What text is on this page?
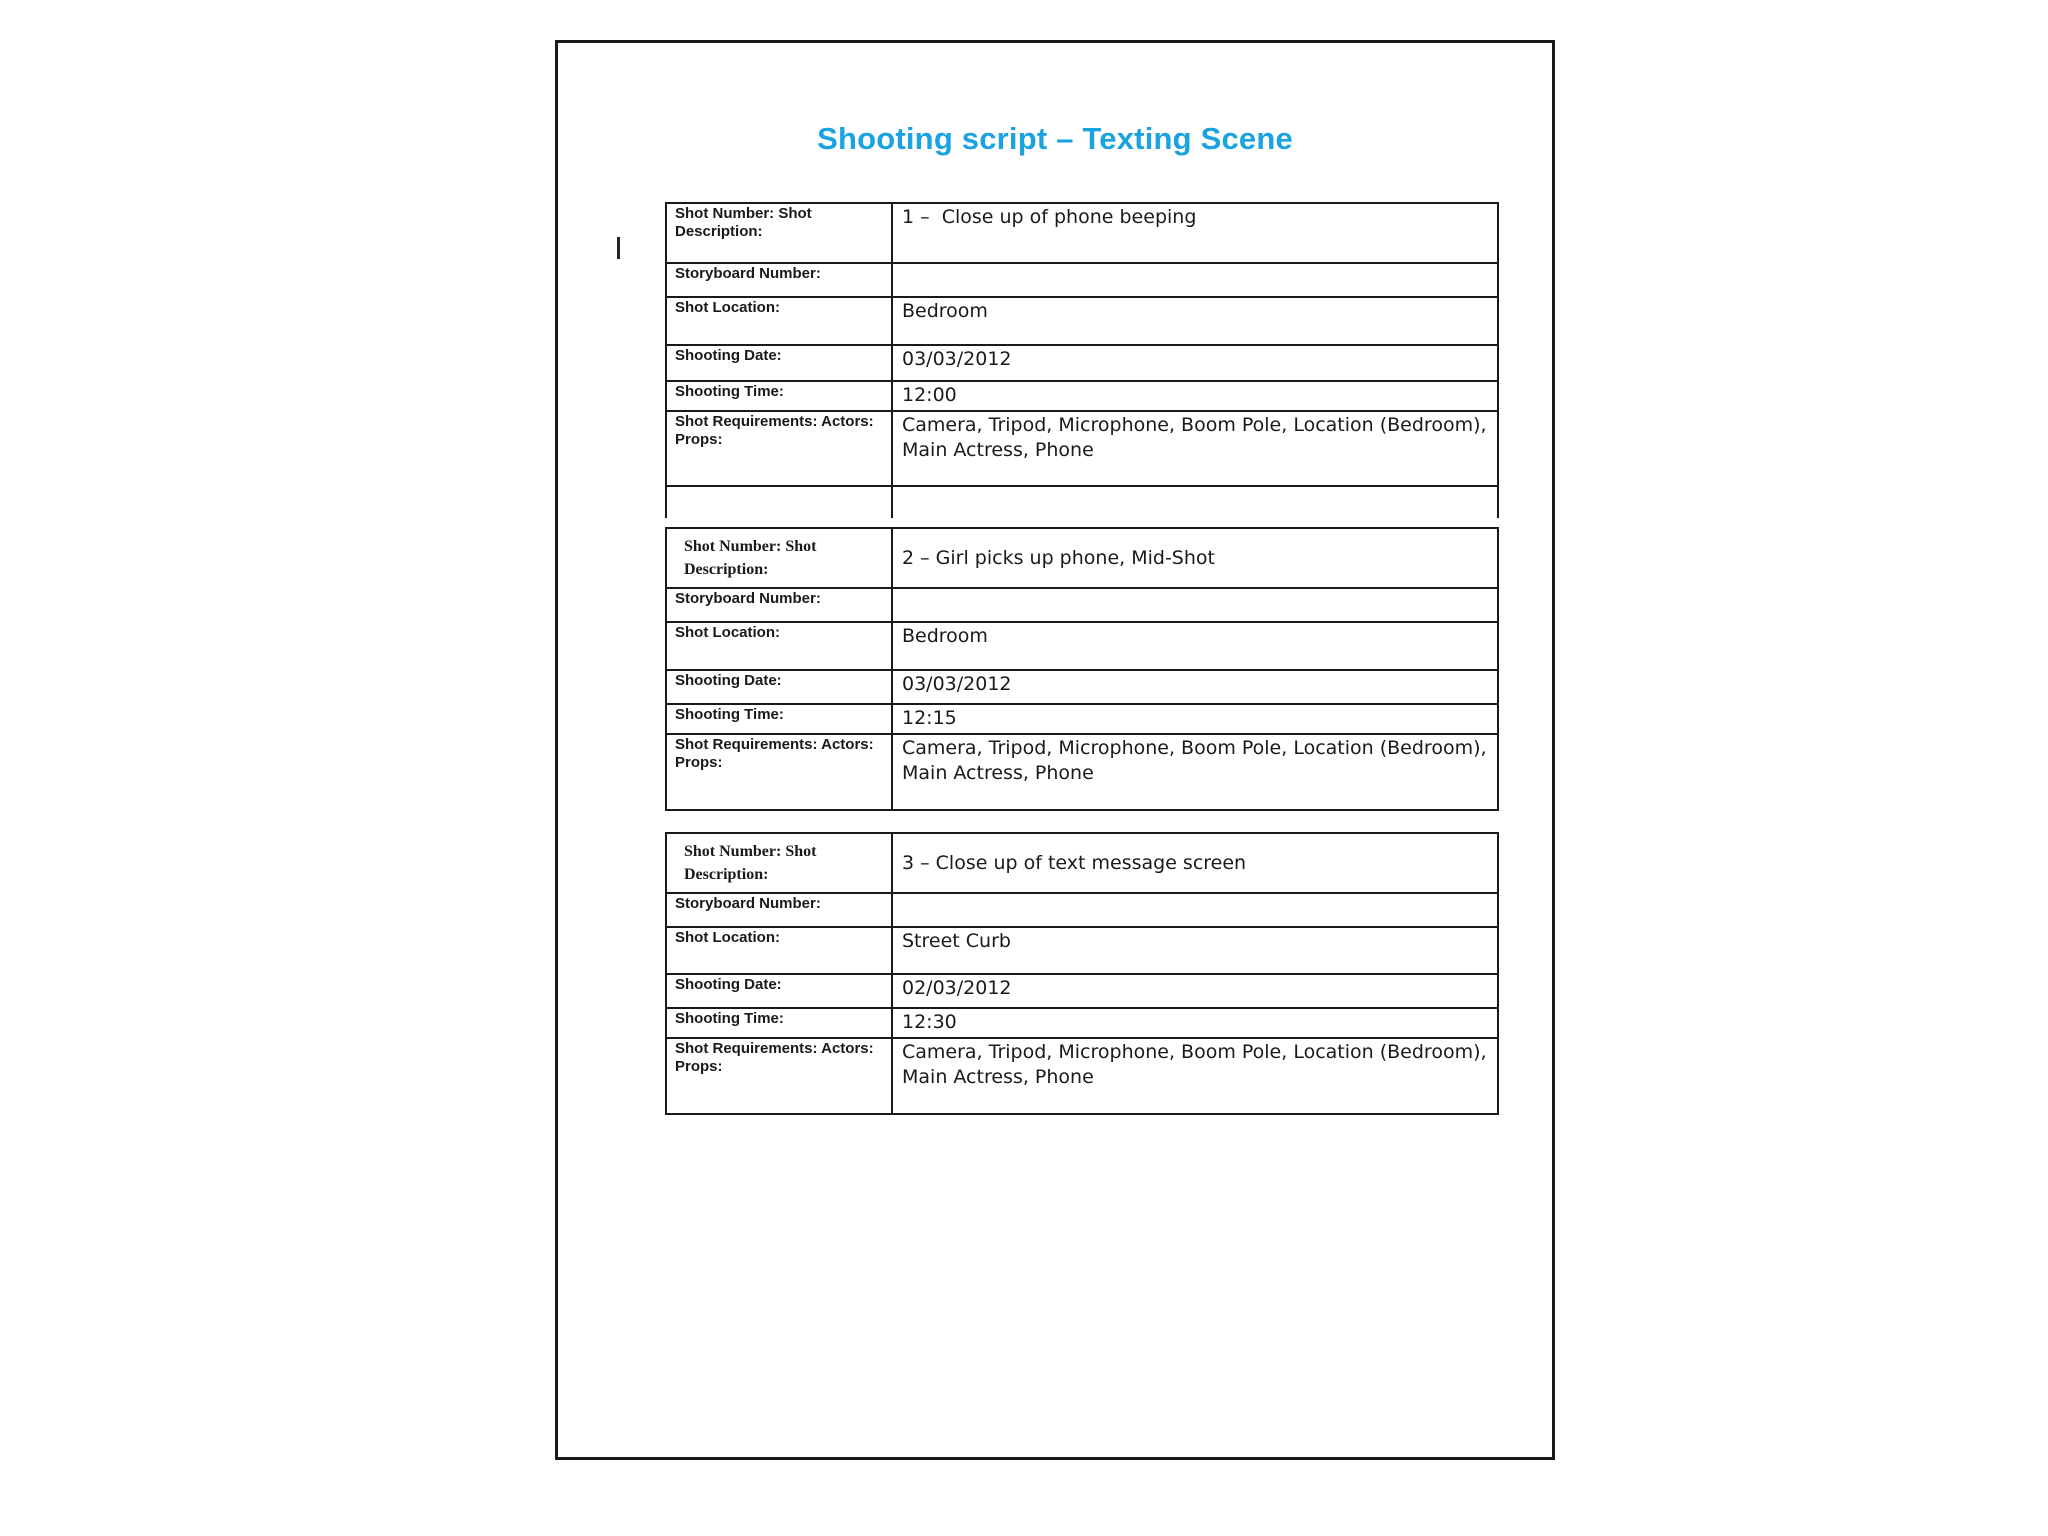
Shooting script – Texting Scene
Shot Number: Shot Description:	1 –  Close up of phone beeping

Storyboard Number:	
Shot Location:	Bedroom
Shooting Date:	03/03/2012
Shooting Time:	12:00
Shot Requirements: Actors: Props:	Camera, Tripod, Microphone, Boom Pole, Location (Bedroom), Main Actress, Phone

Shot Number: Shot Description:	2 – Girl picks up phone, Mid-Shot

Storyboard Number:	
Shot Location:	Bedroom
Shooting Date:	03/03/2012
Shooting Time:	12:15
Shot Requirements: Actors: Props:	Camera, Tripod, Microphone, Boom Pole, Location (Bedroom), Main Actress, Phone
Shot Number: Shot Description:	3 – Close up of text message screen

Storyboard Number:	
Shot Location:	Street Curb
Shooting Date:	02/03/2012
Shooting Time:	12:30
Shot Requirements: Actors: Props:	Camera, Tripod, Microphone, Boom Pole, Location (Bedroom), Main Actress, Phone
